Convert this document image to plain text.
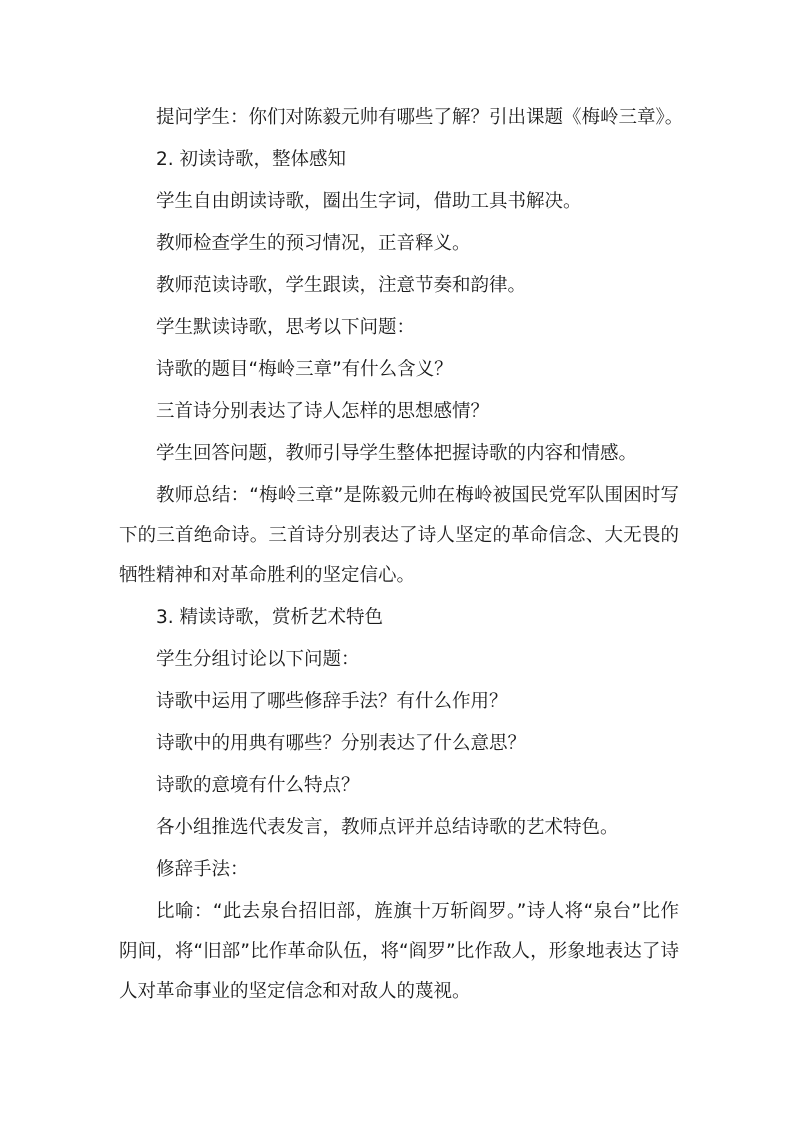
提问学生：你们对陈毅元帅有哪些了解？引出课题《梅岭三章》。

2. 初读诗歌，整体感知

学生自由朗读诗歌，圈出生字词，借助工具书解决。

教师检查学生的预习情况，正音释义。

教师范读诗歌，学生跟读，注意节奏和韵律。

学生默读诗歌，思考以下问题：

诗歌的题目“梅岭三章”有什么含义？

三首诗分别表达了诗人怎样的思想感情？

学生回答问题，教师引导学生整体把握诗歌的内容和情感。

教师总结：“梅岭三章”是陈毅元帅在梅岭被国民党军队围困时写下的三首绝命诗。三首诗分别表达了诗人坚定的革命信念、大无畏的牺牲精神和对革命胜利的坚定信心。

3. 精读诗歌，赏析艺术特色

学生分组讨论以下问题：

诗歌中运用了哪些修辞手法？有什么作用？

诗歌中的用典有哪些？分别表达了什么意思？

诗歌的意境有什么特点？

各小组推选代表发言，教师点评并总结诗歌的艺术特色。

修辞手法：

比喻：“此去泉台招旧部，旌旗十万斩阎罗。”诗人将“泉台”比作阴间，将“旧部”比作革命队伍，将“阎罗”比作敌人，形象地表达了诗人对革命事业的坚定信念和对敌人的蔑视。
